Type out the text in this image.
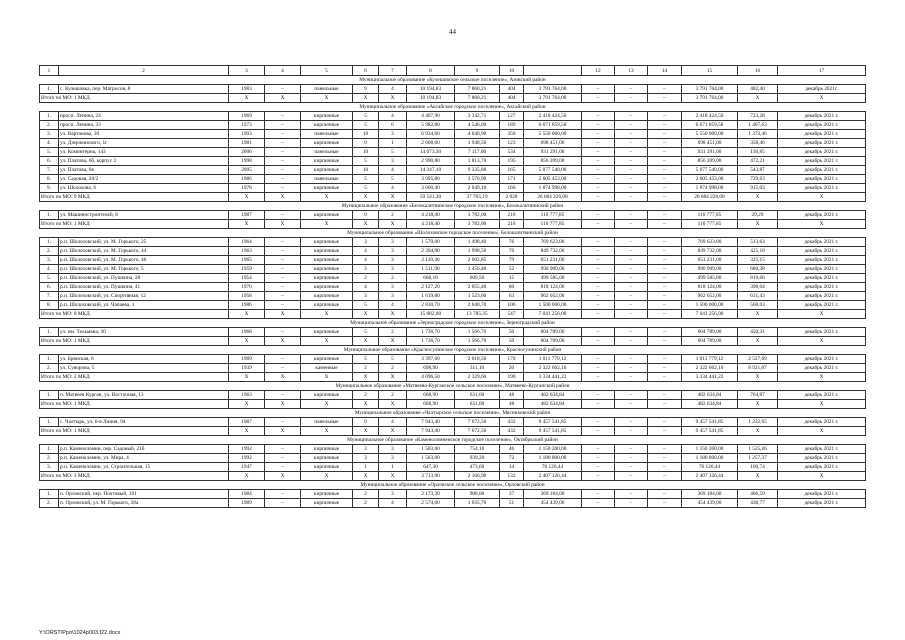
44
1	2	3	4	5	6	7	8	9	10		12	13	14	15	16	17
Муниципальное образование «Кулешовское сельское поселение», Азовский район																
1.	с. Кулешовка, пер. Матросов, 8	1983	–	панельные	9	4	10 194,83	7 860,21	404	3 791 764,00	–	–	–	3 791 764,00	482,40	декабрь 2021г.
Итого по МО: 1 МКД		X	X	X	X	X	10 194,83	7 860,21	404	3 791 764,00	–	–	–	3 791 764,00	X	X
Муниципальное образование «Аксайское городское поселение», Аксайский район																
1.	просп. Ленина, 24	1969	–	кирпичные	5	4	4 407,90	3 342,71	127	2 418 424,50	–	–	–	2 418 424,50	723,28	декабрь 2021 г.
2.	просп. Ленина, 33	1973	–	кирпичные	5	6	5 982,80	4 546,00	189	6 671 859,58	–	–	–	6 671 859,58	1 467,63	декабрь 2021 г.
3.	ул. Вартанова, 20	1993	–	панельные	10	3	6 934,60	4 040,90	350	5 550 000,00	–	–	–	5 550 000,00	1 373,46	декабрь 2021 г.
4.	ул. Дзержинского, 1г	1981	–	кирпичные	9	1	2 608,60	1 948,50	123	698 451,00	–	–	–	698 451,00	358,46	декабрь 2021 г.
5.	ул. Коминтерна, 143	2006	–	панельные	10	5	14 673,30	7 117,00	534	931 291,00	–	–	–	931 291,00	130,85	декабрь 2021 г.
6.	ул. Платова, 6б, корпус 2	1998	–	кирпичные	5	3	2 990,80	1 813,70	195	856 209,00	–	–	–	856 209,00	472,21	декабрь 2021 г.
7.	ул. Платова, 6в	2005	–	кирпичные	10	4	14 347,10	9 335,88	165	5 077 540,00	–	–	–	5 077 540,00	543,87	декабрь 2021 г.
8.	ул. Садовая, 20/2	1986	–	панельные	5	5	3 995,80	3 570,90	171	2 605 453,00	–	–	–	2 605 453,00	729,63	декабрь 2021 г.
9.	ул. Шолохова, 6	1978	–	кирпичные	5	4	3 600,40	2 049,10	166	1 874 998,00	–	–	–	1 874 998,00	915,03	декабрь 2021 г.
Итого по МО: 9 МКД		X	X	X	X	X	59 541,30	37 765,19	2 020	26 684 226,08	–	–	–	26 684 226,08	X	X
Муниципальное образование «Белокалитвинское городское поселение», Белокалитвинский район																
1.	ул. Машиностроителей, 8	1987	–	кирпичные	9	2	4 218,40	3 782,00	216	110 777,85	–	–	–	110 777,85	29,29	декабрь 2021 г.
Итого по МО: 1 МКД		X	X	X	X	X	4 218,40	3 782,00	216	110 777,85	–	–	–	110 777,85	X	X
Муниципальное образование «Шолоховское городское поселение», Белокалитвинский район																
1.	р.п. Шолоховский, ул. М. Горького, 25	1964	–	кирпичные	3	3	1 579,00	1 498,40	76	769 623,00	–	–	–	769 623,00	513,63	декабрь 2021 г.
2.	р.п. Шолоховский, ул. М. Горького, 44	1963	–	кирпичные	4	3	2 394,90	1 998,50	76	849 732,00	–	–	–	849 732,00	425,18	декабрь 2021 г.
3.	р.п. Шолоховский, ул. М. Горького, 46	1965	–	кирпичные	4	3	2 110,40	2 002,85	79	651 231,00	–	–	–	651 231,00	325,15	декабрь 2021 г.
4.	р.п. Шолоховский, ул. М. Горького, 5	1959	–	кирпичные	3	3	1 511,90	1 456,40	52	990 909,00	–	–	–	990 909,00	680,38	декабрь 2021 г.
5.	р.п. Шолоховский, ул. Пушкина, 28	1954	–	кирпичные	2	2	668,10	609,50	15	499 585,00	–	–	–	499 585,00	819,66	декабрь 2021 г.
6.	р.п. Шолоховский, ул. Пушкина, 41	1970	–	кирпичные	4	3	2 127,20	2 055,40	80	818 124,00	–	–	–	818 124,00	398,04	декабрь 2021 г.
7.	р.п. Шолоховский, ул. Спортивная, 12	1958	–	кирпичные	3	3	1 619,80	1 523,60	63	962 052,00	–	–	–	962 052,00	631,43	декабрь 2021 г.
8.	р.п. Шолоховский, ул. Чапаева, 1	1986	–	кирпичные	5	4	2 830,70	2 640,70	106	1 500 000,00	–	–	–	1 500 000,00	568,03	декабрь 2021 г.
Итого по МО: 8 МКД		X	X	X	X	X	15 082,00	13 785,35	547	7 041 256,00	–	–	–	7 041 256,00	X	X
Муниципальное образование «Зерноградское городское поселение», Зерноградский район																
1.	ул. им. Тельмана, 30	1968	–	кирпичные	5	2	1 736,70	1 566,70	50	604 789,00	–	–	–	604 789,00	450,31	декабрь 2021 г.
Итого по МО: 1 МКД		X	X	X	X	X	1 736,70	1 566,70	50	604 789,00	–	–	–	604 789,00	X	X
Муниципальное образование «Красносулинское городское поселение», Красносулинский район																
1.	ул. Брянская, 6	1969	–	кирпичные	5	5	3 397,60	2 018,50	170	1 011 779,12	–	–	–	1 011 779,12	2 527,69	декабрь 2021 г.
2.	ул. Суворова, 5	1939	–	каменные	2	2	698,90	311,10	20	2 322 662,10	–	–	–	2 322 662,10	8 921,67	декабрь 2021 г.
Итого по МО: 2 МКД		X	X	X	X	X	4 096,50	2 329,60	190	3 334 441,22	–	–	–	3 334 441,22	X	X
Муниципальное образование «Матвеево-Курганское сельское поселение», Матвеево-Курганский район																
1.	п. Матвеев Курган, ул. Восточная, 13	1963	–	кирпичные	2	2	668,90	631,00	48	482 634,84	–	–	–	482 634,84	764,87	декабрь 2021 г.
Итого по МО: 1 МКД		X	X	X	X	X	668,90	631,00	48	482 634,84	–	–	–	482 634,84	X	X
Муниципальное образование «Чалтырское сельское поселение», Мясниковский район																
1.	с. Чалтырь, ул. 6-я Линия, 94	1987	–	панельные	9	4	7 943,40	7 672,50	432	9 457 541,85	–	–	–	9 457 541,85	1 232,65	декабрь 2021 г.
Итого по МО: 1 МКД		X	X	X	X	X	7 943,40	7 672,50	432	9 457 541,85	–	–	–	9 457 541,85	X	X
Муниципальное образование «Каменоломненское городское поселение», Октябрьский район																
1.	р.п. Каменоломни, пер. Садовый, 21б	1992	–	кирпичные	3	3	1 503,60	754,10	46	1 150 200,00	–	–	–	1 150 200,00	1 525,26	декабрь 2021 г.
2.	р.п. Каменоломни, ул. Мира, 4	1992	–	кирпичные	3	3	1 563,00	939,20	72	1 180 800,00	–	–	–	1 180 800,00	1 257,37	декабрь 2021 г.
3.	р.п. Каменоломни, ул. Строительная, 15	1947	–	кирпичные	1	1	647,30	473,60	14	76 126,44	–	–	–	76 126,44	160,74	декабрь 2021 г.
Итого по МО: 3 МКД		X	X	X	X	X	3 713,90	2 166,90	132	2 407 126,44	–	–	–	2 407 126,44	X	X
Муниципальное образование «Орловское сельское поселение», Орловский район																
1.	п. Орловский, пер. Почтовый, 101	1984	–	кирпичные	2	3	2 173,30	908,00	37	369 184,00	–	–	–	369 184,00	406,59	декабрь 2021 г.
2.	п. Орловский, ул. М. Горького, 38а	1989	–	кирпичные	2	4	2 574,60	1 035,70	51	454 439,00	–	–	–	454 439,00	438,77	декабрь 2021 г.
Y:\ORST\Ppo\1024p003.f22.docx
